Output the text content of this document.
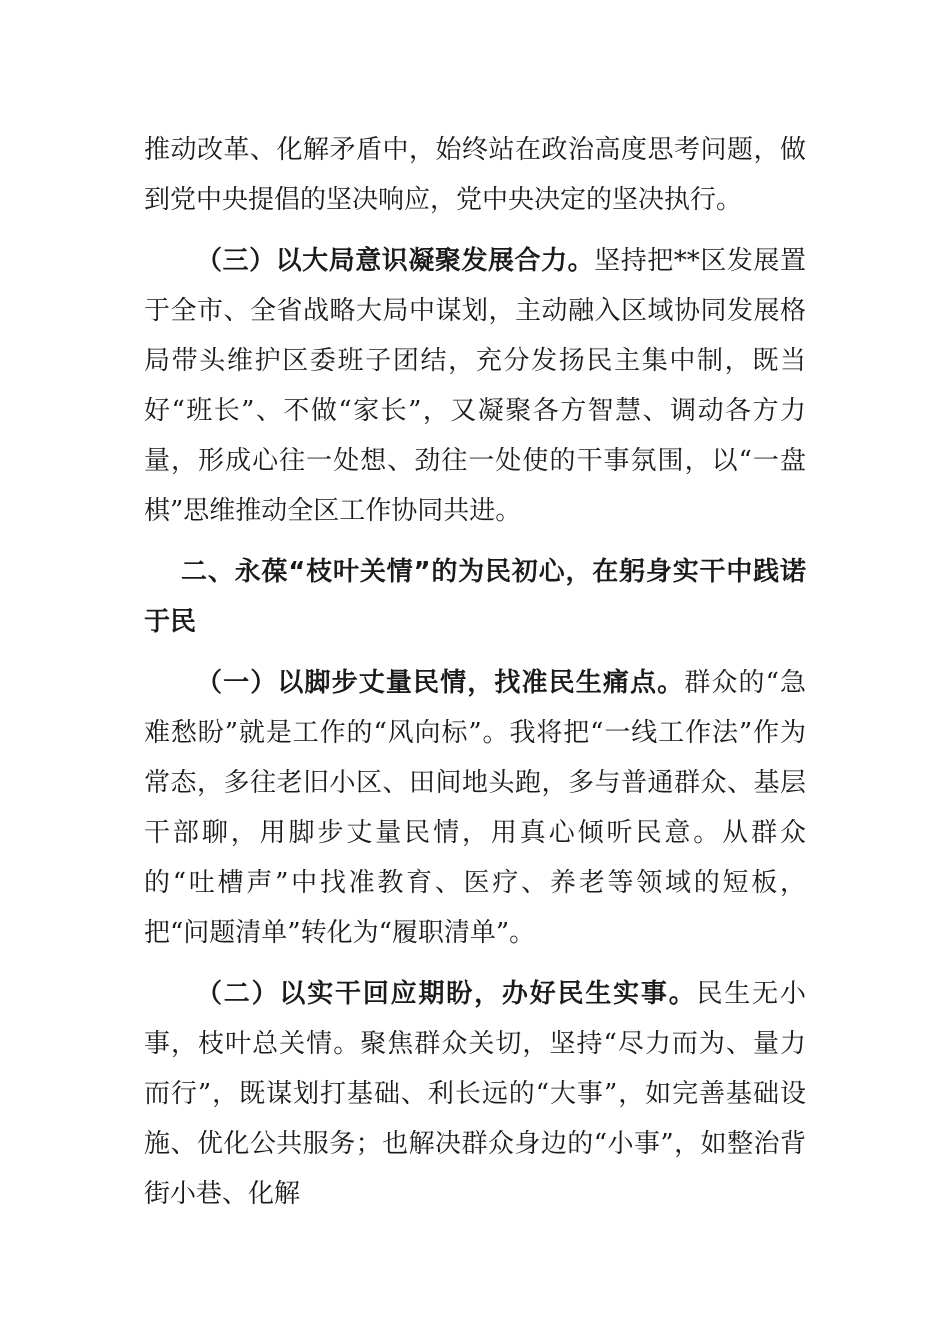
推动改革、化解矛盾中，始终站在政治高度思考问题，做到党中央提倡的坚决响应，党中央决定的坚决执行。

（三）以大局意识凝聚发展合力。坚持把**区发展置于全市、全省战略大局中谋划，主动融入区域协同发展格局带头维护区委班子团结，充分发扬民主集中制，既当好“班长”、不做“家长”，又凝聚各方智慧、调动各方力量，形成心往一处想、劲往一处使的干事氛围，以“一盘棋”思维推动全区工作协同共进。

二、永葆“枝叶关情”的为民初心，在躬身实干中践诺于民

（一）以脚步丈量民情，找准民生痛点。群众的“急难愁盼”就是工作的“风向标”。我将把“一线工作法”作为常态，多往老旧小区、田间地头跑，多与普通群众、基层干部聊，用脚步丈量民情，用真心倾听民意。从群众的“吐槽声”中找准教育、医疗、养老等领域的短板，把“问题清单”转化为“履职清单”。

（二）以实干回应期盼，办好民生实事。民生无小事，枝叶总关情。聚焦群众关切，坚持“尽力而为、量力而行”，既谋划打基础、利长远的“大事”，如完善基础设施、优化公共服务；也解决群众身边的“小事”，如整治背街小巷、化解
